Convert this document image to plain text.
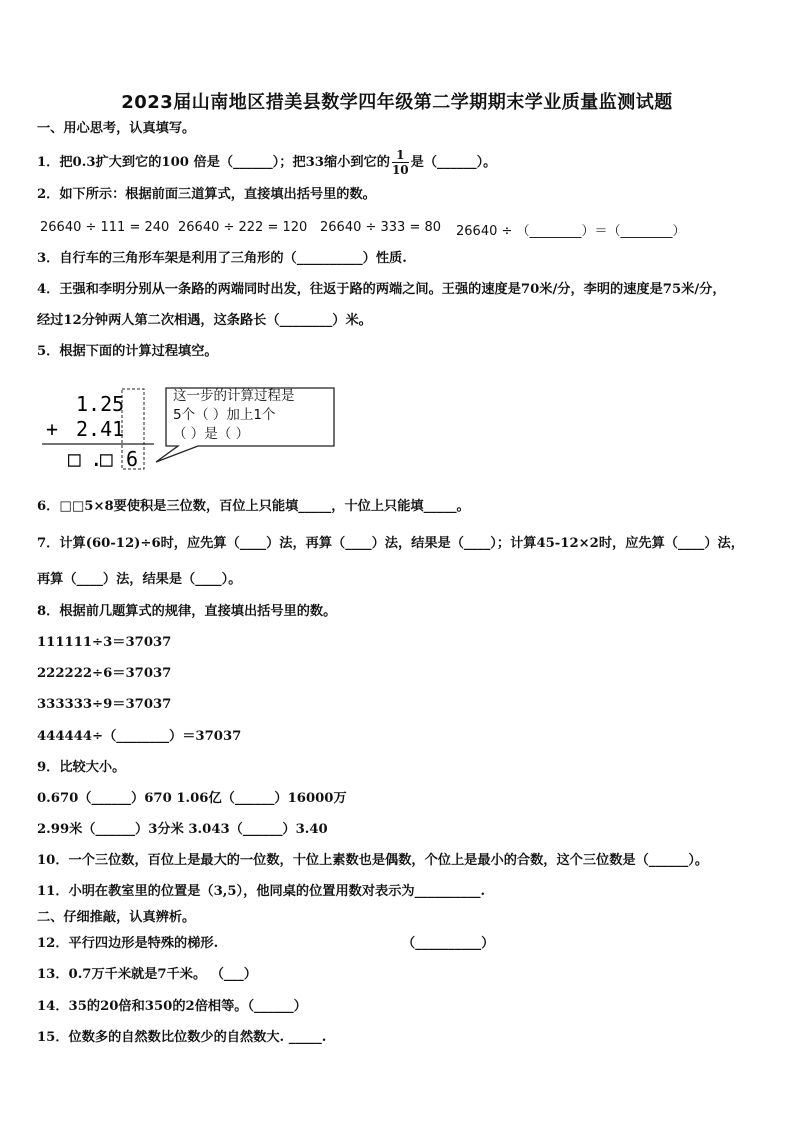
2023届山南地区措美县数学四年级第二学期期末学业质量监测试题
一、用心思考，认真填写。
1．把0.3扩大到它的100 倍是（______）；把33缩小到它的 $\frac{1}{10}$ 是（______）。
2．如下所示：根据前面三道算式，直接填出括号里的数。
26640 ÷ 111 = 240 26640 ÷ 222 = 120 26640 ÷ 333 = 80 26640 ÷ （________）＝（________）
3．自行车的三角形车架是利用了三角形的（__________）性质.
4．王强和李明分别从一条路的两端同时出发，往返于路的两端之间。王强的速度是70米/分，李明的速度是75米/分，
经过12分钟两人第二次相遇，这条路长（________）米。
5．根据下面的计算过程填空。
1.25
+ 2.41
□ .
□ 6
这一步的计算过程是
5个（ ）加上1个
（ ）是（ ）
6．□□5×8要使积是三位数，百位上只能填_____，十位上只能填_____。
7．计算(60-12)÷6时，应先算（____）法，再算（____）法，结果是（____）；计算45-12×2时，应先算（____）法，
再算（____）法，结果是（____）。
8．根据前几题算式的规律，直接填出括号里的数。
111111÷3＝37037
222222÷6＝37037
333333÷9＝37037
444444÷（________）＝37037
9．比较大小。
0.670（______）670 1.06亿（______）16000万
2.99米（______）3分米 3.043（______）3.40
10．一个三位数，百位上是最大的一位数，十位上素数也是偶数，个位上是最小的合数，这个三位数是（______）。
11．小明在教室里的位置是（3,5），他同桌的位置用数对表示为__________.
二、仔细推敲，认真辨析。
12．平行四边形是特殊的梯形.	（__________）
13．0.7万千米就是7千米。 （___）
14．35的20倍和350的2倍相等。（______）
15．位数多的自然数比位数少的自然数大. _____.
